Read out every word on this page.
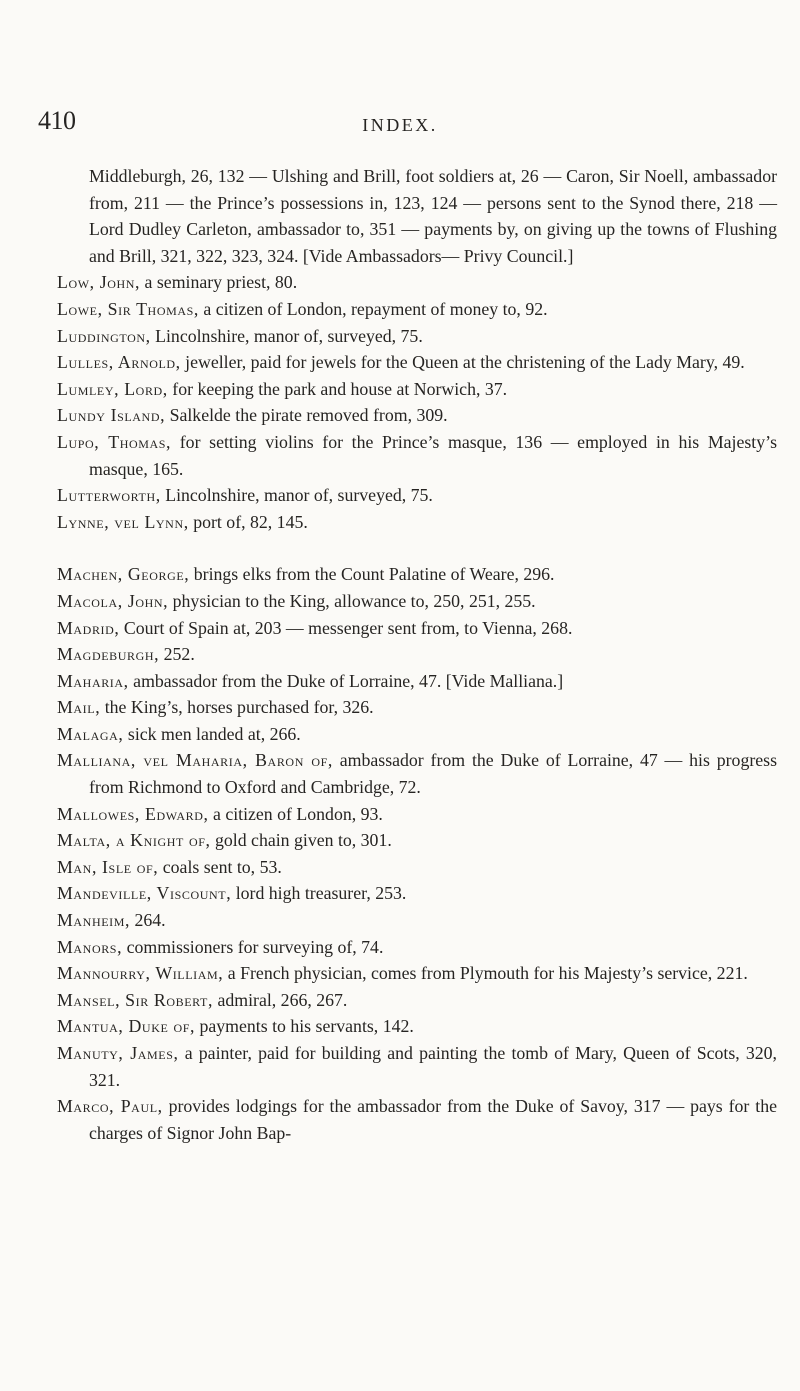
410	INDEX.

Middleburgh, 26, 132 — Ulshing and Brill, foot soldiers at, 26 — Caron, Sir Noell, ambassador from, 211 — the Prince’s possessions in, 123, 124 — persons sent to the Synod there, 218 — Lord Dudley Carleton, ambassador to, 351 — payments by, on giving up the towns of Flushing and Brill, 321, 322, 323, 324. [Vide Ambassadors— Privy Council.]

Low, John, a seminary priest, 80.

Lowe, Sir Thomas, a citizen of London, repayment of money to, 92.

Luddington, Lincolnshire, manor of, surveyed, 75.

Lulles, Arnold, jeweller, paid for jewels for the Queen at the christening of the Lady Mary, 49.

Lumley, Lord, for keeping the park and house at Norwich, 37.

Lundy Island, Salkelde the pirate removed from, 309.

Lupo, Thomas, for setting violins for the Prince’s masque, 136 — employed in his Majesty’s masque, 165.

Lutterworth, Lincolnshire, manor of, surveyed, 75.

Lynne, vel Lynn, port of, 82, 145.

Machen, George, brings elks from the Count Palatine of Weare, 296.

Macola, John, physician to the King, allowance to, 250, 251, 255.

Madrid, Court of Spain at, 203 — messenger sent from, to Vienna, 268.

Magdeburgh, 252.

Maharia, ambassador from the Duke of Lorraine, 47. [Vide Malliana.]

Mail, the King’s, horses purchased for, 326.

Malaga, sick men landed at, 266.

Malliana, vel Maharia, Baron of, ambassador from the Duke of Lorraine, 47 — his progress from Richmond to Oxford and Cambridge, 72.

Mallowes, Edward, a citizen of London, 93.

Malta, a Knight of, gold chain given to, 301.

Man, Isle of, coals sent to, 53.

Mandeville, Viscount, lord high treasurer, 253.

Manheim, 264.

Manors, commissioners for surveying of, 74.

Mannourry, William, a French physician, comes from Plymouth for his Majesty’s service, 221.

Mansel, Sir Robert, admiral, 266, 267.

Mantua, Duke of, payments to his servants, 142.

Manuty, James, a painter, paid for building and painting the tomb of Mary, Queen of Scots, 320, 321.

Marco, Paul, provides lodgings for the ambassador from the Duke of Savoy, 317 — pays for the charges of Signor John Bap-
